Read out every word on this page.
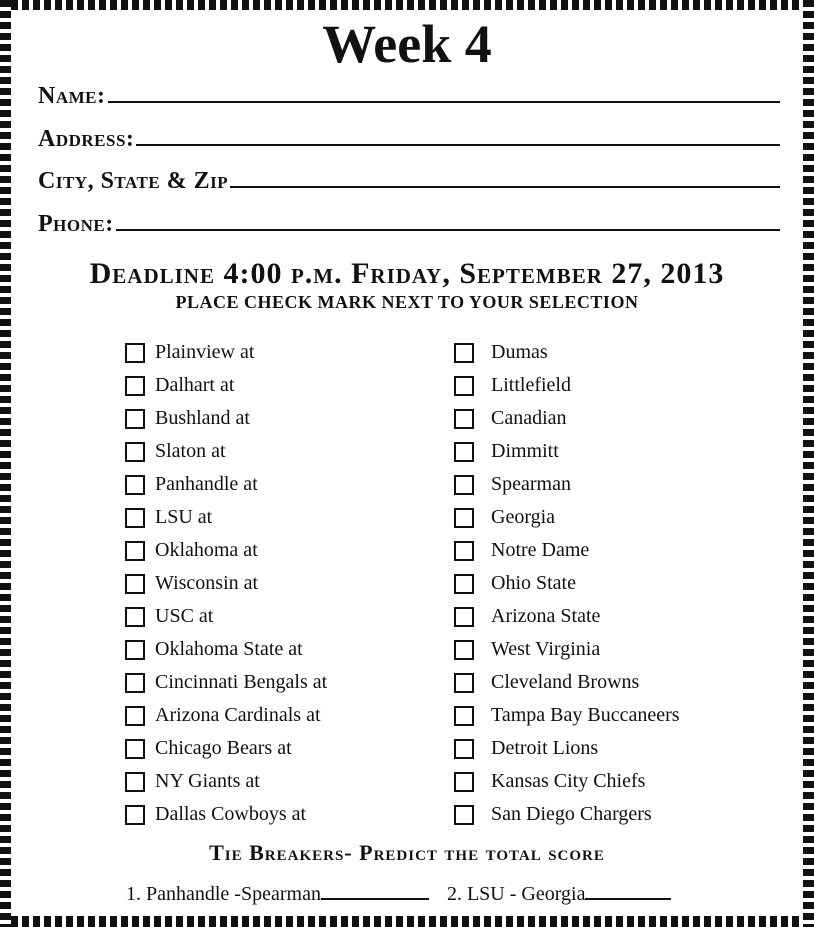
Week 4
Name:
Address:
City, State & Zip
Phone:
Deadline 4:00 p.m. Friday, September 27, 2013
PLACE CHECK MARK NEXT TO YOUR SELECTION
Plainview at	Dumas
Dalhart at	Littlefield
Bushland at	Canadian
Slaton at	Dimmitt
Panhandle at	Spearman
LSU at	Georgia
Oklahoma at	Notre Dame
Wisconsin at	Ohio State
USC at	Arizona State
Oklahoma State at	West Virginia
Cincinnati Bengals at	Cleveland Browns
Arizona Cardinals at	Tampa Bay Buccaneers
Chicago Bears at	Detroit Lions
NY Giants at	Kansas City Chiefs
Dallas Cowboys at	San Diego Chargers
Tie Breakers- Predict the total score
1. Panhandle -Spearman	2. LSU - Georgia
